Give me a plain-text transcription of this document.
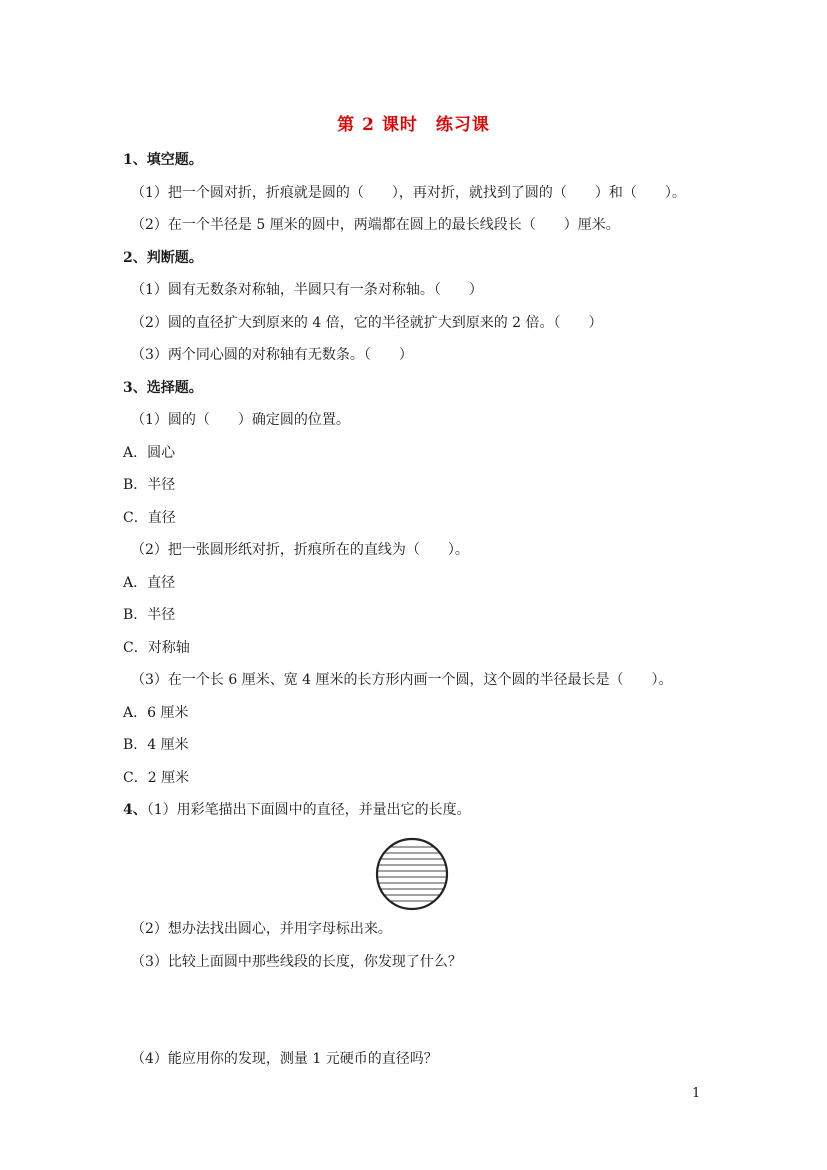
第 2 课时　练习课
1、填空题。
（1）把一个圆对折，折痕就是圆的（　　），再对折，就找到了圆的（　　）和（　　）。
（2）在一个半径是 5 厘米的圆中，两端都在圆上的最长线段长（　　）厘米。
2、判断题。
（1）圆有无数条对称轴，半圆只有一条对称轴。（　　）
（2）圆的直径扩大到原来的 4 倍，它的半径就扩大到原来的 2 倍。（　　）
（3）两个同心圆的对称轴有无数条。（　　）
3、选择题。
（1）圆的（　　）确定圆的位置。
A．圆心
B．半径
C．直径
（2）把一张圆形纸对折，折痕所在的直线为（　　）。
A．直径
B．半径
C．对称轴
（3）在一个长 6 厘米、宽 4 厘米的长方形内画一个圆，这个圆的半径最长是（　　）。
A．6 厘米
B．4 厘米
C．2 厘米
4、（1）用彩笔描出下面圆中的直径，并量出它的长度。
（2）想办法找出圆心，并用字母标出来。
（3）比较上面圆中那些线段的长度，你发现了什么？
（4）能应用你的发现，测量 1 元硬币的直径吗？
1
